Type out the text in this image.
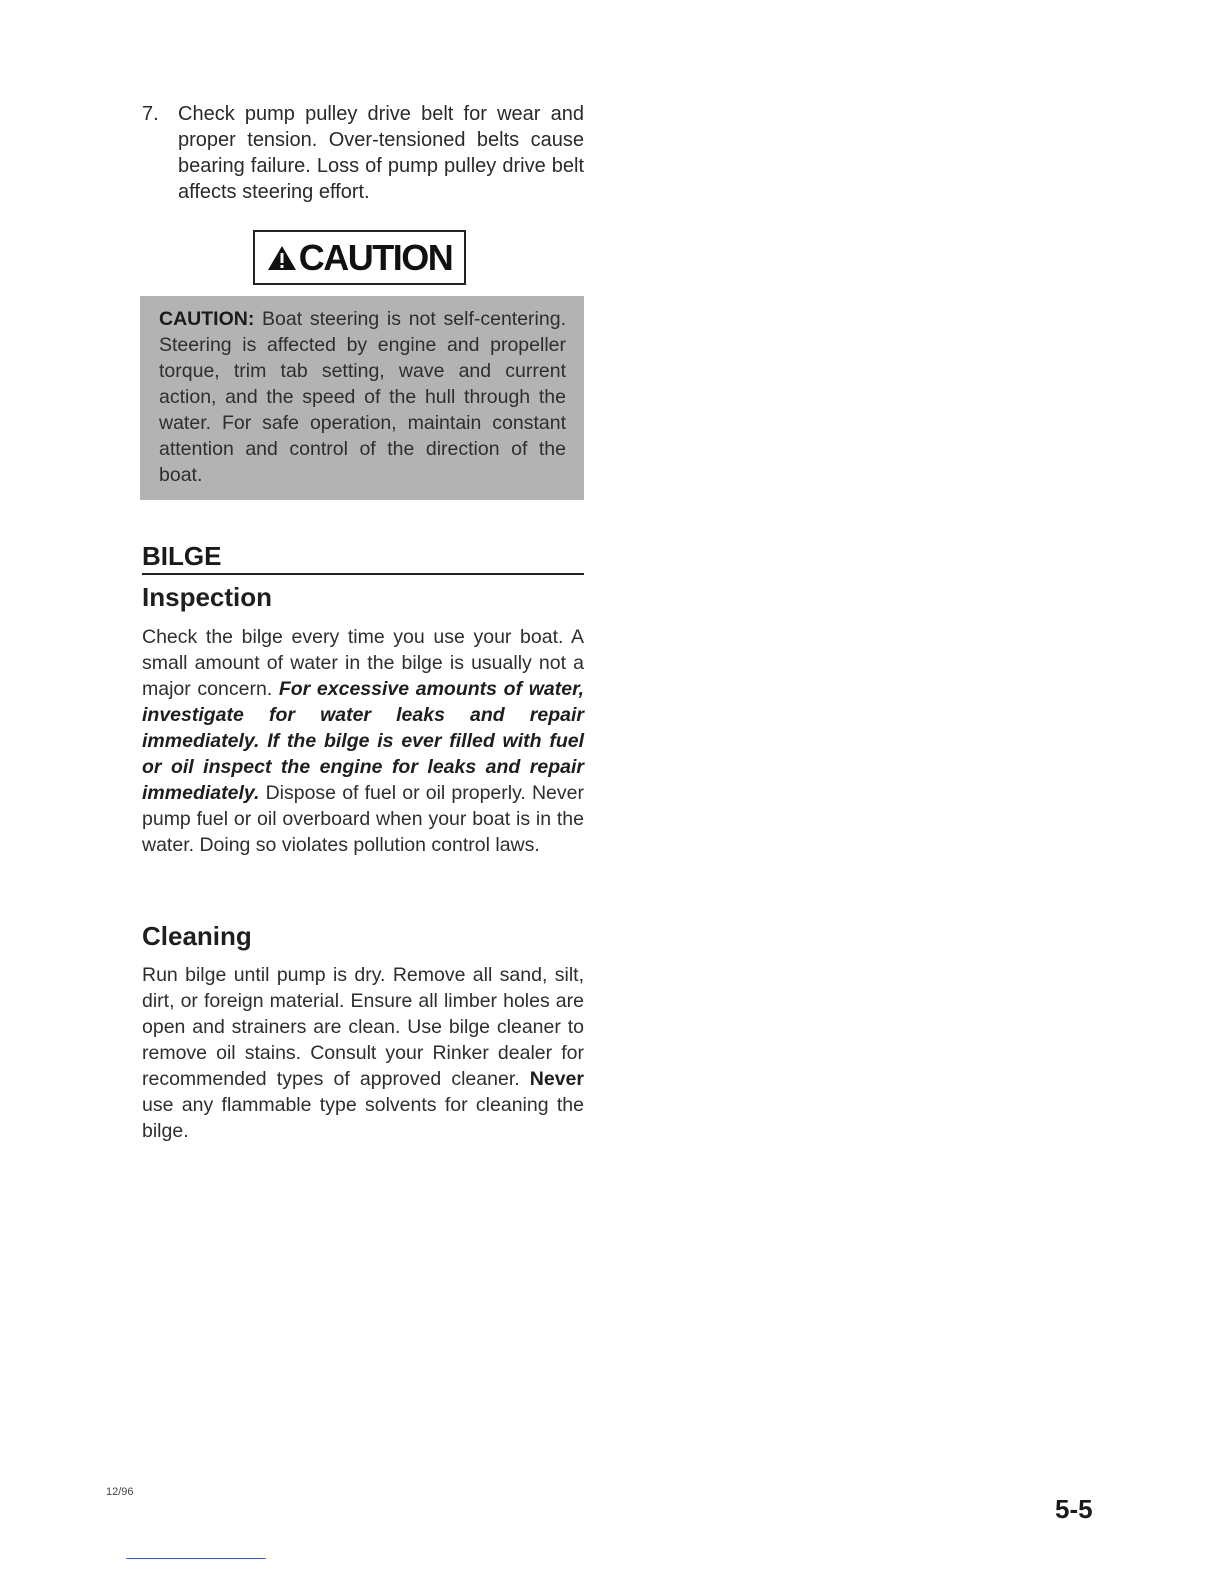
7. Check pump pulley drive belt for wear and proper tension. Over-tensioned belts cause bearing failure. Loss of pump pulley drive belt affects steering effort.
CAUTION
CAUTION: Boat steering is not self-centering. Steering is affected by engine and propeller torque, trim tab setting, wave and current action, and the speed of the hull through the water. For safe operation, maintain constant attention and control of the direction of the boat.
BILGE
Inspection
Check the bilge every time you use your boat. A small amount of water in the bilge is usually not a major concern. For excessive amounts of water, investigate for water leaks and repair immediately. If the bilge is ever filled with fuel or oil inspect the engine for leaks and repair immediately. Dispose of fuel or oil properly. Never pump fuel or oil overboard when your boat is in the water. Doing so violates pollution control laws.
Cleaning
Run bilge until pump is dry. Remove all sand, silt, dirt, or foreign material. Ensure all limber holes are open and strainers are clean. Use bilge cleaner to remove oil stains. Consult your Rinker dealer for recommended types of approved cleaner. Never use any flammable type solvents for cleaning the bilge.
12/96
5-5
